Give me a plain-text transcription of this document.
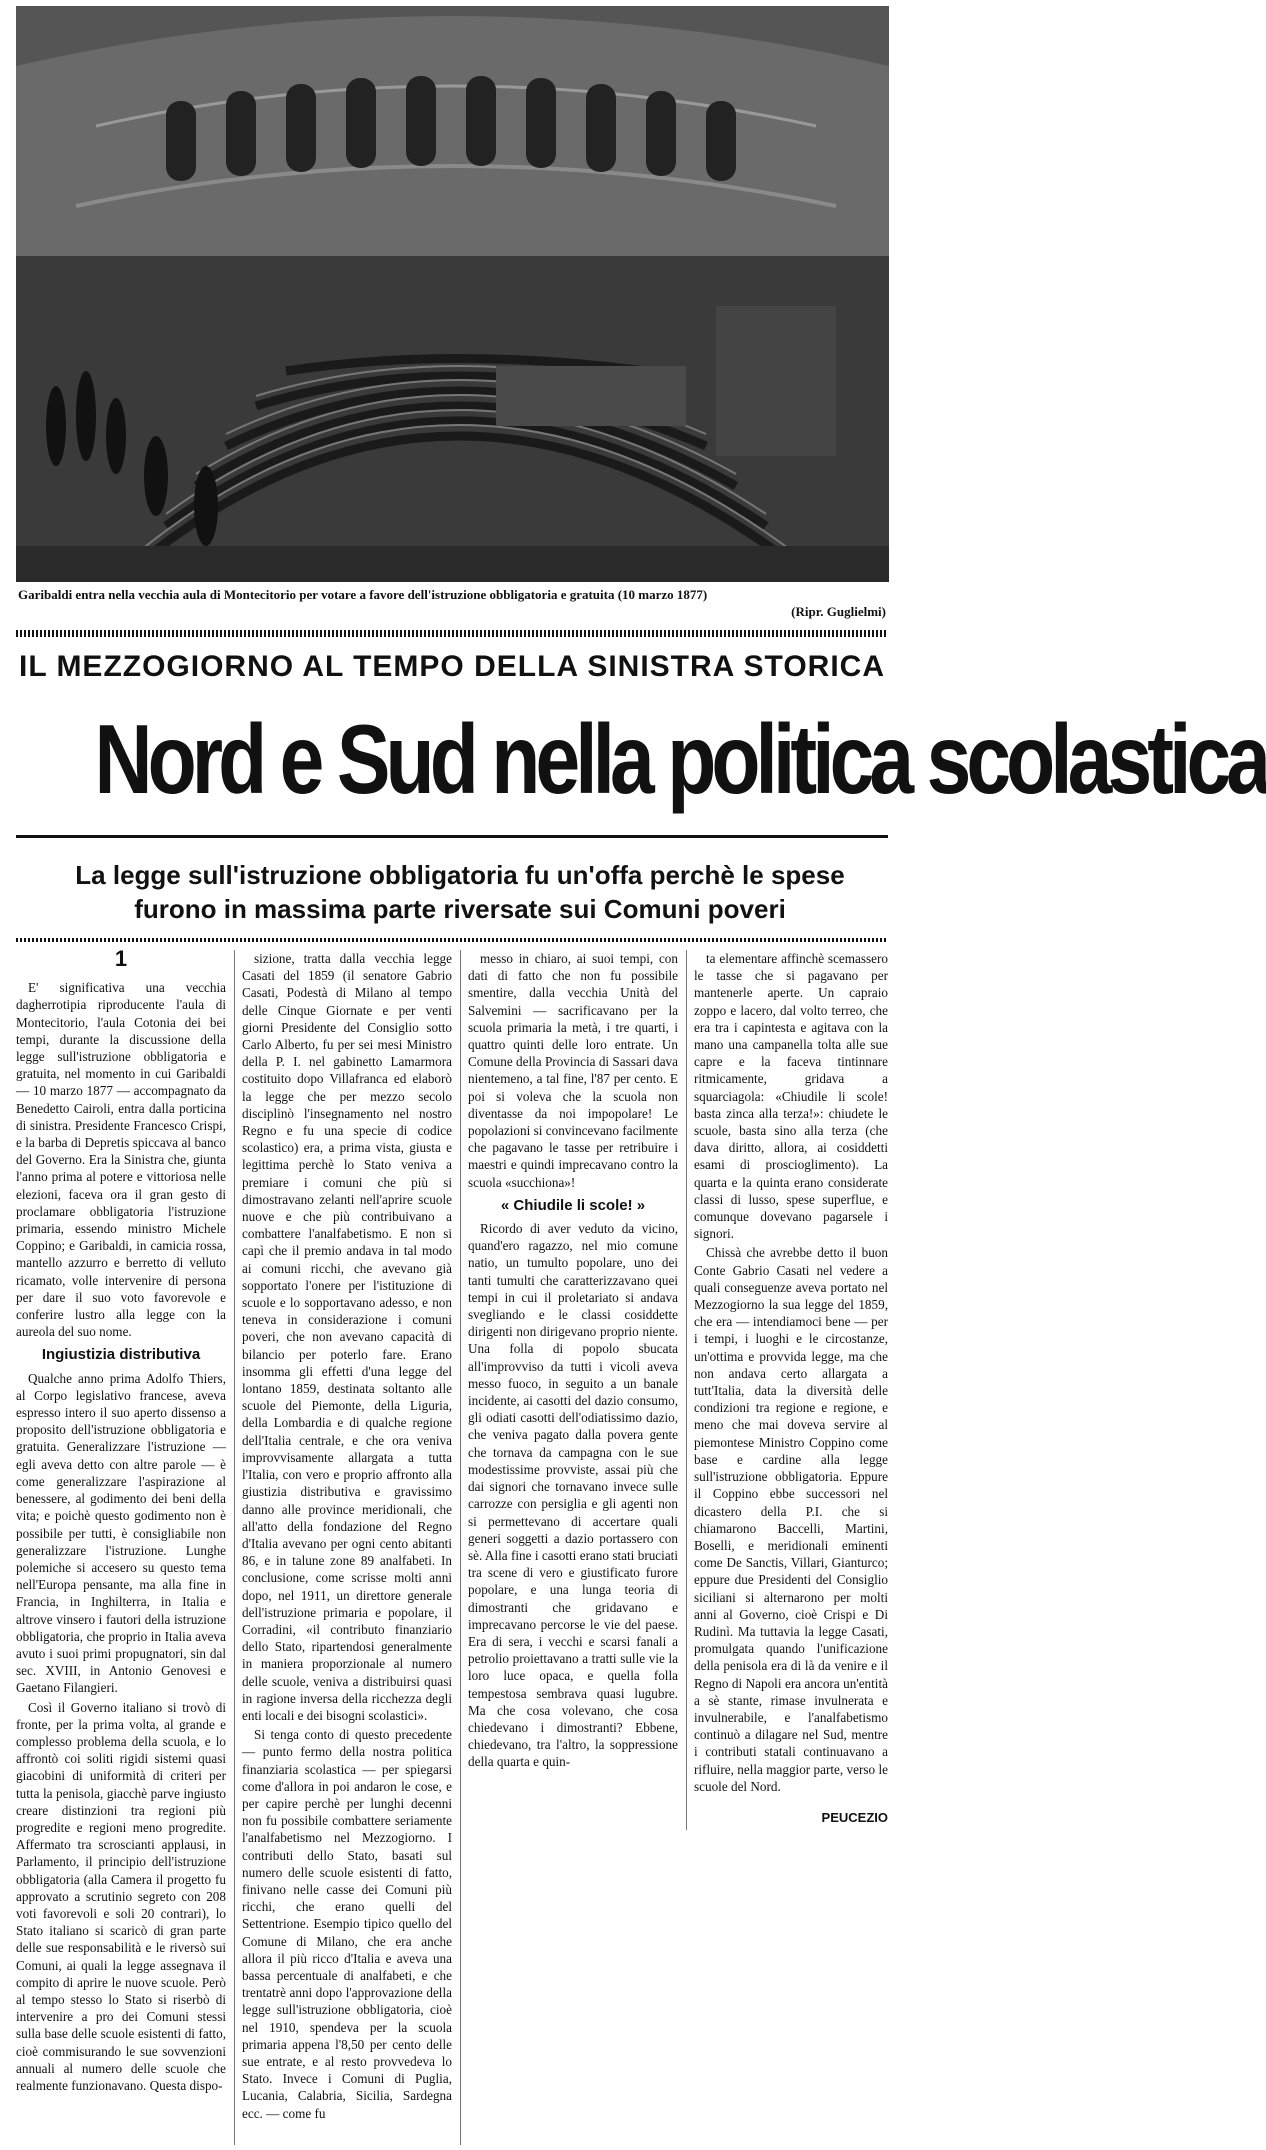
Garibaldi entra nella vecchia aula di Montecitorio per votare a favore dell'istruzione obbligatoria e gratuita (10 marzo 1877)
(Ripr. Guglielmi)
IL MEZZOGIORNO AL TEMPO DELLA SINISTRA STORICA
Nord e Sud nella politica scolastica
La legge sull'istruzione obbligatoria fu un'offa perchè le spese furono in massima parte riversate sui Comuni poveri

1

E' significativa una vecchia dagherrotipia riproducente l'aula di Montecitorio, l'aula Cotonia dei bei tempi, durante la discussione della legge sull'istruzione obbligatoria e gratuita, nel momento in cui Garibaldi — 10 marzo 1877 — accompagnato da Benedetto Cairoli, entra dalla porticina di sinistra. Presidente Francesco Crispi, e la barba di Depretis spiccava al banco del Governo. Era la Sinistra che, giunta l'anno prima al potere e vittoriosa nelle elezioni, faceva ora il gran gesto di proclamare obbligatoria l'istruzione primaria, essendo ministro Michele Coppino; e Garibaldi, in camicia rossa, mantello azzurro e berretto di velluto ricamato, volle intervenire di persona per dare il suo voto favorevole e conferire lustro alla legge con la aureola del suo nome.

Ingiustizia distributiva

Qualche anno prima Adolfo Thiers, al Corpo legislativo francese, aveva espresso intero il suo aperto dissenso a proposito dell'istruzione obbligatoria e gratuita. Generalizzare l'istruzione — egli aveva detto con altre parole — è come generalizzare l'aspirazione al benessere, al godimento dei beni della vita; e poichè questo godimento non è possibile per tutti, è consigliabile non generalizzare l'istruzione. Lunghe polemiche si accesero su questo tema nell'Europa pensante, ma alla fine in Francia, in Inghilterra, in Italia e altrove vinsero i fautori della istruzione obbligatoria, che proprio in Italia aveva avuto i suoi primi propugnatori, sin dal sec. XVIII, in Antonio Genovesi e Gaetano Filangieri.

Così il Governo italiano si trovò di fronte, per la prima volta, al grande e complesso problema della scuola, e lo affrontò coi soliti rigidi sistemi quasi giacobini di uniformità di criteri per tutta la penisola, giacchè parve ingiusto creare distinzioni tra regioni più progredite e regioni meno progredite. Affermato tra scroscianti applausi, in Parlamento, il principio dell'istruzione obbligatoria (alla Camera il progetto fu approvato a scrutinio segreto con 208 voti favorevoli e soli 20 contrari), lo Stato italiano si scaricò di gran parte delle sue responsabilità e le riversò sui Comuni, ai quali la legge assegnava il compito di aprire le nuove scuole. Però al tempo stesso lo Stato si riserbò di intervenire a pro dei Comuni stessi sulla base delle scuole esistenti di fatto, cioè commisurando le sue sovvenzioni annuali al numero delle scuole che realmente funzionavano. Questa dispo-

sizione, tratta dalla vecchia legge Casati del 1859 (il senatore Gabrio Casati, Podestà di Milano al tempo delle Cinque Giornate e per venti giorni Presidente del Consiglio sotto Carlo Alberto, fu per sei mesi Ministro della P. I. nel gabinetto Lamarmora costituito dopo Villafranca ed elaborò la legge che per mezzo secolo disciplinò l'insegnamento nel nostro Regno e fu una specie di codice scolastico) era, a prima vista, giusta e legittima perchè lo Stato veniva a premiare i comuni che più si dimostravano zelanti nell'aprire scuole nuove e che più contribuivano a combattere l'analfabetismo. E non si capì che il premio andava in tal modo ai comuni ricchi, che avevano già sopportato l'onere per l'istituzione di scuole e lo sopportavano adesso, e non teneva in considerazione i comuni poveri, che non avevano capacità di bilancio per poterlo fare. Erano insomma gli effetti d'una legge del lontano 1859, destinata soltanto alle scuole del Piemonte, della Liguria, della Lombardia e di qualche regione dell'Italia centrale, e che ora veniva improvvisamente allargata a tutta l'Italia, con vero e proprio affronto alla giustizia distributiva e gravissimo danno alle province meridionali, che all'atto della fondazione del Regno d'Italia avevano per ogni cento abitanti 86, e in talune zone 89 analfabeti. In conclusione, come scrisse molti anni dopo, nel 1911, un direttore generale dell'istruzione primaria e popolare, il Corradini, «il contributo finanziario dello Stato, ripartendosi generalmente in maniera proporzionale al numero delle scuole, veniva a distribuirsi quasi in ragione inversa della ricchezza degli enti locali e dei bisogni scolastici».

Si tenga conto di questo precedente — punto fermo della nostra politica finanziaria scolastica — per spiegarsi come d'allora in poi andaron le cose, e per capire perchè per lunghi decenni non fu possibile combattere seriamente l'analfabetismo nel Mezzogiorno. I contributi dello Stato, basati sul numero delle scuole esistenti di fatto, finivano nelle casse dei Comuni più ricchi, che erano quelli del Settentrione. Esempio tipico quello del Comune di Milano, che era anche allora il più ricco d'Italia e aveva una bassa percentuale di analfabeti, e che trentatrè anni dopo l'approvazione della legge sull'istruzione obbligatoria, cioè nel 1910, spendeva per la scuola primaria appena l'8,50 per cento delle sue entrate, e al resto provvedeva lo Stato. Invece i Comuni di Puglia, Lucania, Calabria, Sicilia, Sardegna ecc. — come fu

messo in chiaro, ai suoi tempi, con dati di fatto che non fu possibile smentire, dalla vecchia Unità del Salvemini — sacrificavano per la scuola primaria la metà, i tre quarti, i quattro quinti delle loro entrate. Un Comune della Provincia di Sassari dava nientemeno, a tal fine, l'87 per cento. E poi si voleva che la scuola non diventasse da noi impopolare! Le popolazioni si convincevano facilmente che pagavano le tasse per retribuire i maestri e quindi imprecavano contro la scuola «succhiona»!

« Chiudile li scole! »

Ricordo di aver veduto da vicino, quand'ero ragazzo, nel mio comune natio, un tumulto popolare, uno dei tanti tumulti che caratterizzavano quei tempi in cui il proletariato si andava svegliando e le classi cosiddette dirigenti non dirigevano proprio niente. Una folla di popolo sbucata all'improvviso da tutti i vicoli aveva messo fuoco, in seguito a un banale incidente, ai casotti del dazio consumo, gli odiati casotti dell'odiatissimo dazio, che veniva pagato dalla povera gente che tornava da campagna con le sue modestissime provviste, assai più che dai signori che tornavano invece sulle carrozze con persiglia e gli agenti non si permettevano di accertare quali generi soggetti a dazio portassero con sè. Alla fine i casotti erano stati bruciati tra scene di vero e giustificato furore popolare, e una lunga teoria di dimostranti che gridavano e imprecavano percorse le vie del paese. Era di sera, i vecchi e scarsi fanali a petrolio proiettavano a tratti sulle vie la loro luce opaca, e quella folla tempestosa sembrava quasi lugubre. Ma che cosa volevano, che cosa chiedevano i dimostranti? Ebbene, chiedevano, tra l'altro, la soppressione della quarta e quin-

ta elementare affinchè scemassero le tasse che si pagavano per mantenerle aperte. Un capraio zoppo e lacero, dal volto terreo, che era tra i capintesta e agitava con la mano una campanella tolta alle sue capre e la faceva tintinnare ritmicamente, gridava a squarciagola: «Chiudile li scole! basta zinca alla terza!»: chiudete le scuole, basta sino alla terza (che dava diritto, allora, ai cosiddetti esami di proscioglimento). La quarta e la quinta erano considerate classi di lusso, spese superflue, e comunque dovevano pagarsele i signori.

Chissà che avrebbe detto il buon Conte Gabrio Casati nel vedere a quali conseguenze aveva portato nel Mezzogiorno la sua legge del 1859, che era — intendiamoci bene — per i tempi, i luoghi e le circostanze, un'ottima e provvida legge, ma che non andava certo allargata a tutt'Italia, data la diversità delle condizioni tra regione e regione, e meno che mai doveva servire al piemontese Ministro Coppino come base e cardine alla legge sull'istruzione obbligatoria. Eppure il Coppino ebbe successori nel dicastero della P.I. che si chiamarono Baccelli, Martini, Boselli, e meridionali eminenti come De Sanctis, Villari, Gianturco; eppure due Presidenti del Consiglio siciliani si alternarono per molti anni al Governo, cioè Crispi e Di Rudinì. Ma tuttavia la legge Casati, promulgata quando l'unificazione della penisola era di là da venire e il Regno di Napoli era ancora un'entità a sè stante, rimase invulnerata e invulnerabile, e l'analfabetismo continuò a dilagare nel Sud, mentre i contributi statali continuavano a rifluire, nella maggior parte, verso le scuole del Nord.

PEUCEZIO
